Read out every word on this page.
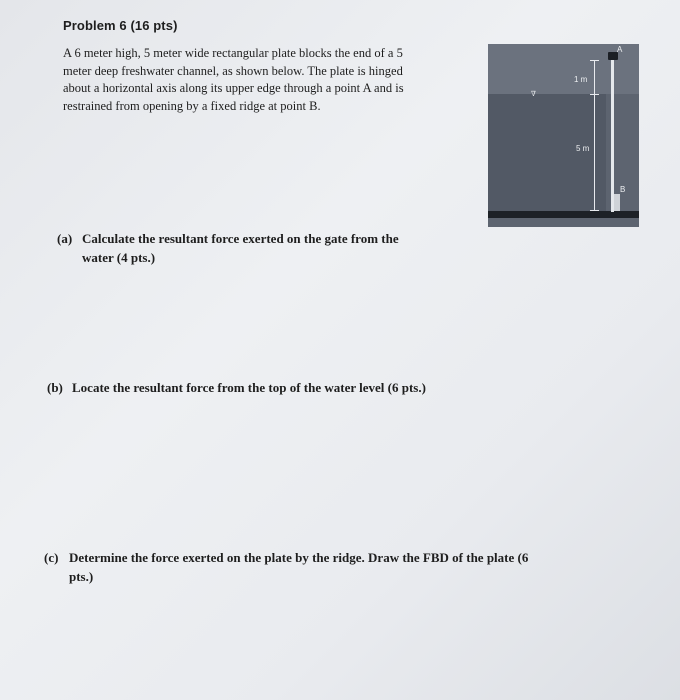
Problem 6 (16 pts)
A 6 meter high, 5 meter wide rectangular plate blocks the end of a 5
meter deep freshwater channel, as shown below. The plate is hinged
about a horizontal axis along its upper edge through a point A and is
restrained from opening by a fixed ridge at point B.
A
B
1 m
5 m
∇
(a) Calculate the resultant force exerted on the gate from the
water (4 pts.)
(b) Locate the resultant force from the top of the water level (6 pts.)
(c) Determine the force exerted on the plate by the ridge. Draw the FBD of the plate (6
pts.)
